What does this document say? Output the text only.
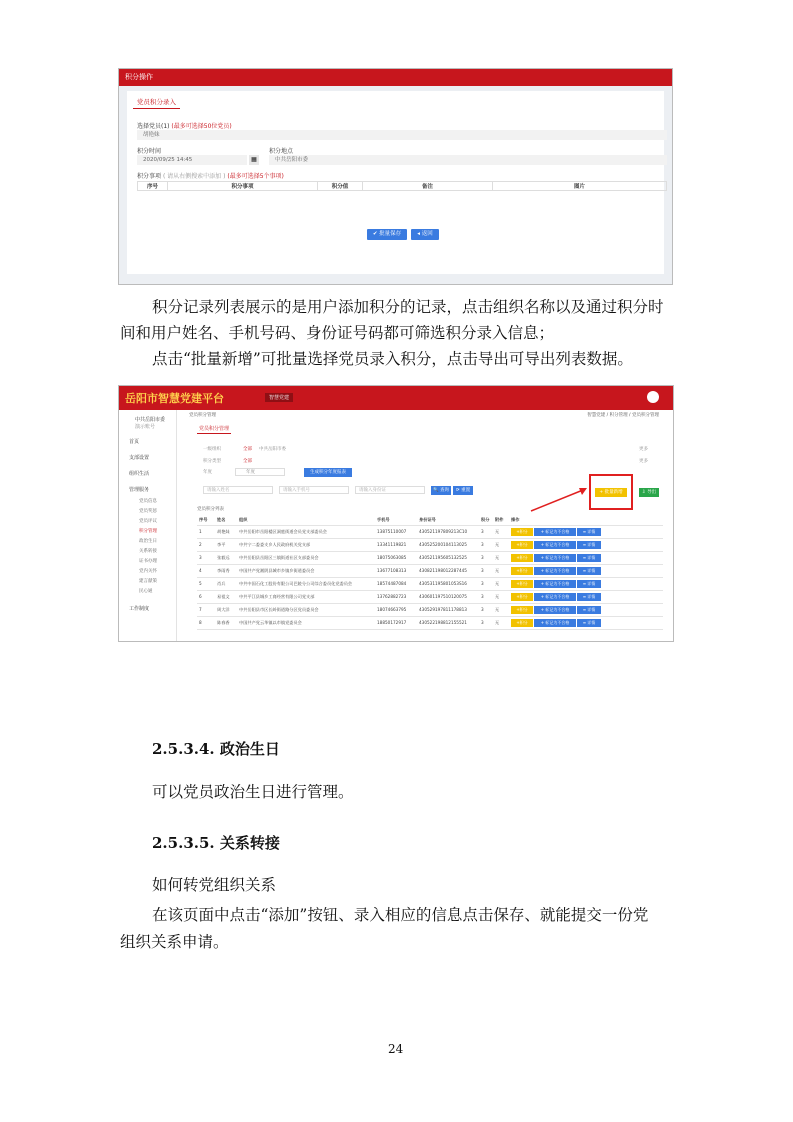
积分操作
党员积分录入
选择党员(1) (最多可选择50位党员)
胡艳妹
积分时间
2020/09/25 14:45	▦
积分地点
中共岳阳市委
积分事项 ( 请从右侧搜索中添加 ) (最多可选择5个事项)
序号	积分事项	积分值	备注	图片
✔ 批量保存	◂ 返回
积分记录列表展示的是用户添加积分的记录，点击组织名称以及通过积分时
间和用户姓名、手机号码、身份证号码都可筛选积分录入信息；
点击“批量新增”可批量选择党员录入积分，点击导出可导出列表数据。
岳阳市智慧党建平台	智慧党建
中共岳阳市委
演示账号
首页
支部设置
组织生活
管理服务
党员信息
党员奖惩
党员评议
积分管理
政治生日
关系转接
证书办理
党内关怀
建言献策
民心通
工作制度
党员积分管理	智慧党建 / 积分管理 / 党员积分管理
党员积分管理
一级组织	全部 中共岳阳市委
积分类型	全部
年度	年度	生成积分年度报表
更多
更多
请输入姓名	请输入手机号	请输入身份证	🔍 查询	⟳ 重置	+ 批量新增	⇩ 导出
党员积分列表
序号	姓名	组织	手机号	身份证号	积分	附件	操作
1	胡艳妹	中共岳阳市岳阳楼区洞庭街道会员党支部委员会	13875110007	430521197809213C10	3	无	+积分 + 标记为不合格 ≡ 详情
2	李平	中共宁二委委支乡人民政府机关党支部	13341119821	430525200104113025	3	无	+积分 + 标记为不合格 ≡ 详情
3	张毅远	中共岳阳县岳阳区三镇街道社区支部委员会	18075063085	430521195605132525	3	无	+积分 + 标记为不合格 ≡ 详情
4	李雨秀	中国共产党湘阴县城市乡镇乡街道委员会	13677108313	430821198012287445	3	无	+积分 + 标记为不合格 ≡ 详情
5	肖兵	中共中国石化工股份有限公司巴陵分公司综合委员化党委员会	18574487084	430531195801053S16	3	无	+积分 + 标记为不合格 ≡ 详情
6	易祖文	中共平江县城乡工商经营有限公司党支部	13762882723	430601197510120075	3	无	+积分 + 标记为不合格 ≡ 详情
7	周大洋	中共岳阳县市区长岭街道路分区党员委员会	18074663795	430529197811178813	3	无	+积分 + 标记为不合格 ≡ 详情
8	陈春香	中国共产党云华镇以市镇党委员会	18850172917	430522198812155521	3	无	+积分 + 标记为不合格 ≡ 详情
2.5.3.4. 政治生日
可以党员政治生日进行管理。
2.5.3.5. 关系转接
如何转党组织关系
在该页面中点击“添加”按钮、录入相应的信息点击保存、就能提交一份党
组织关系申请。
24
